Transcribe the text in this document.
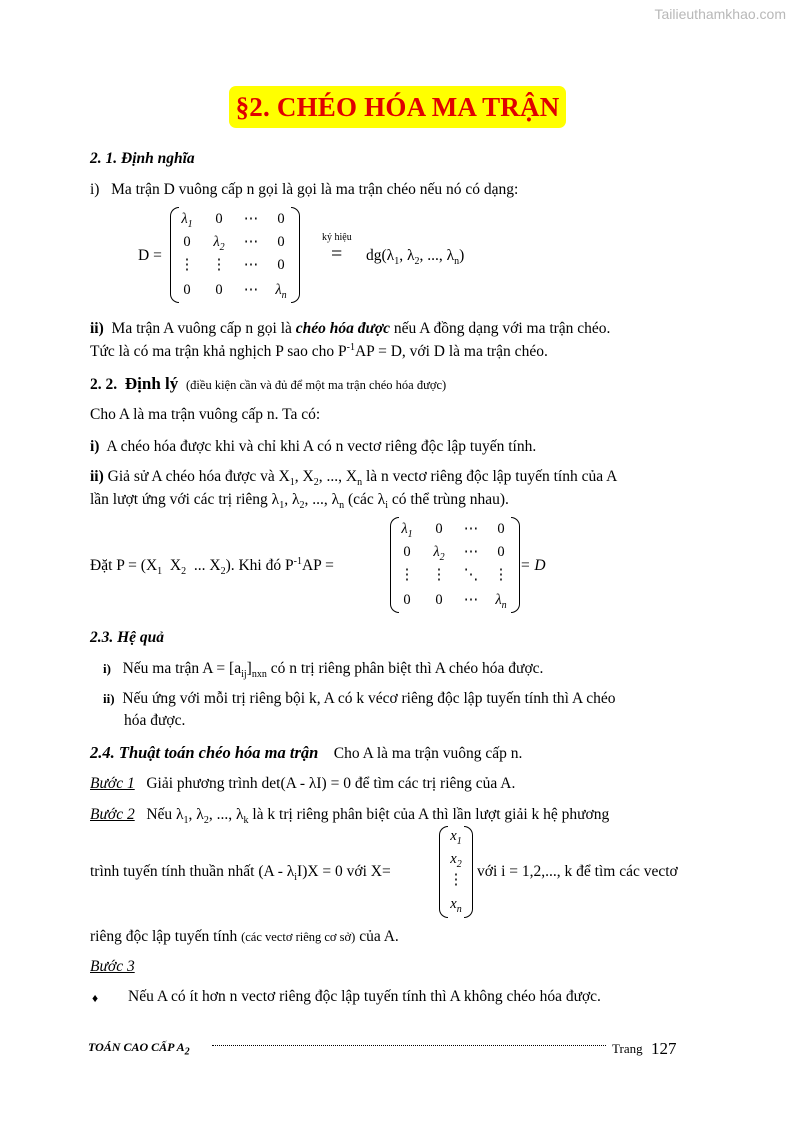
Tailieuthamkhao.com
§2. CHÉO HÓA MA TRẬN
2. 1. Định nghĩa
i) Ma trận D vuông cấp n gọi là gọi là ma trận chéo nếu nó có dạng:
D =
$\lambda_1$	0	⋯	0
0	$\lambda_2$	⋯	0
⋮	⋮	⋯	0
0	0	⋯	$\lambda_n$
ký hiệu
= $dg(\lambda_1$, $\lambda_2$, ..., $\lambda_n$)
ii) Ma trận A vuông cấp n gọi là chéo hóa được nếu A đồng dạng với ma trận chéo.
Tức là có ma trận khả nghịch P sao cho $P^{-1}AP = D$, với D là ma trận chéo.
2. 2. Định lý (điều kiện cần và đủ để một ma trận chéo hóa được)
Cho A là ma trận vuông cấp n. Ta có:
i) A chéo hóa được khi và chỉ khi A có n vectơ riêng độc lập tuyến tính.
ii) Giả sử A chéo hóa được và $X_1$, $X_2$, ..., $X_n$ là n vectơ riêng độc lập tuyến tính của A
lần lượt ứng với các trị riêng $\lambda_1$, $\lambda_2$, ..., $\lambda_n$ (các $\lambda_i$ có thể trùng nhau).
Đặt $P = (X_1$ $X_2$ ... $X_2$). Khi đó $P^{-1}AP$ =
$\lambda_1$	0	⋯	0
0	$\lambda_2$	⋯	0
⋮	⋮	⋱	⋮
0	0	⋯	$\lambda_n$
= D
2.3. Hệ quả
i) Nếu ma trận $A = [a_{ij}]_{nxn}$ có n trị riêng phân biệt thì A chéo hóa được.
ii) Nếu ứng với mỗi trị riêng bội k, A có k vécơ riêng độc lập tuyến tính thì A chéo
hóa được.
2.4. Thuật toán chéo hóa ma trận Cho A là ma trận vuông cấp n.
Bước 1 Giải phương trình det(A - λI) = 0 để tìm các trị riêng của A.
Bước 2 Nếu $\lambda_1$, $\lambda_2$, ..., $\lambda_k$ là k trị riêng phân biệt của A thì lần lượt giải k hệ phương
trình tuyến tính thuần nhất $(A - \lambda_iI)X = 0$ với X=
$x_1$
$x_2$
⋮
$x_n$
với i = 1,2,..., k để tìm các vectơ
riêng độc lập tuyến tính (các vectơ riêng cơ sở) của A.
Bước 3
♦ Nếu A có ít hơn n vectơ riêng độc lập tuyến tính thì A không chéo hóa được.
TOÁN CAO CẤP $A_2$	Trang 127
